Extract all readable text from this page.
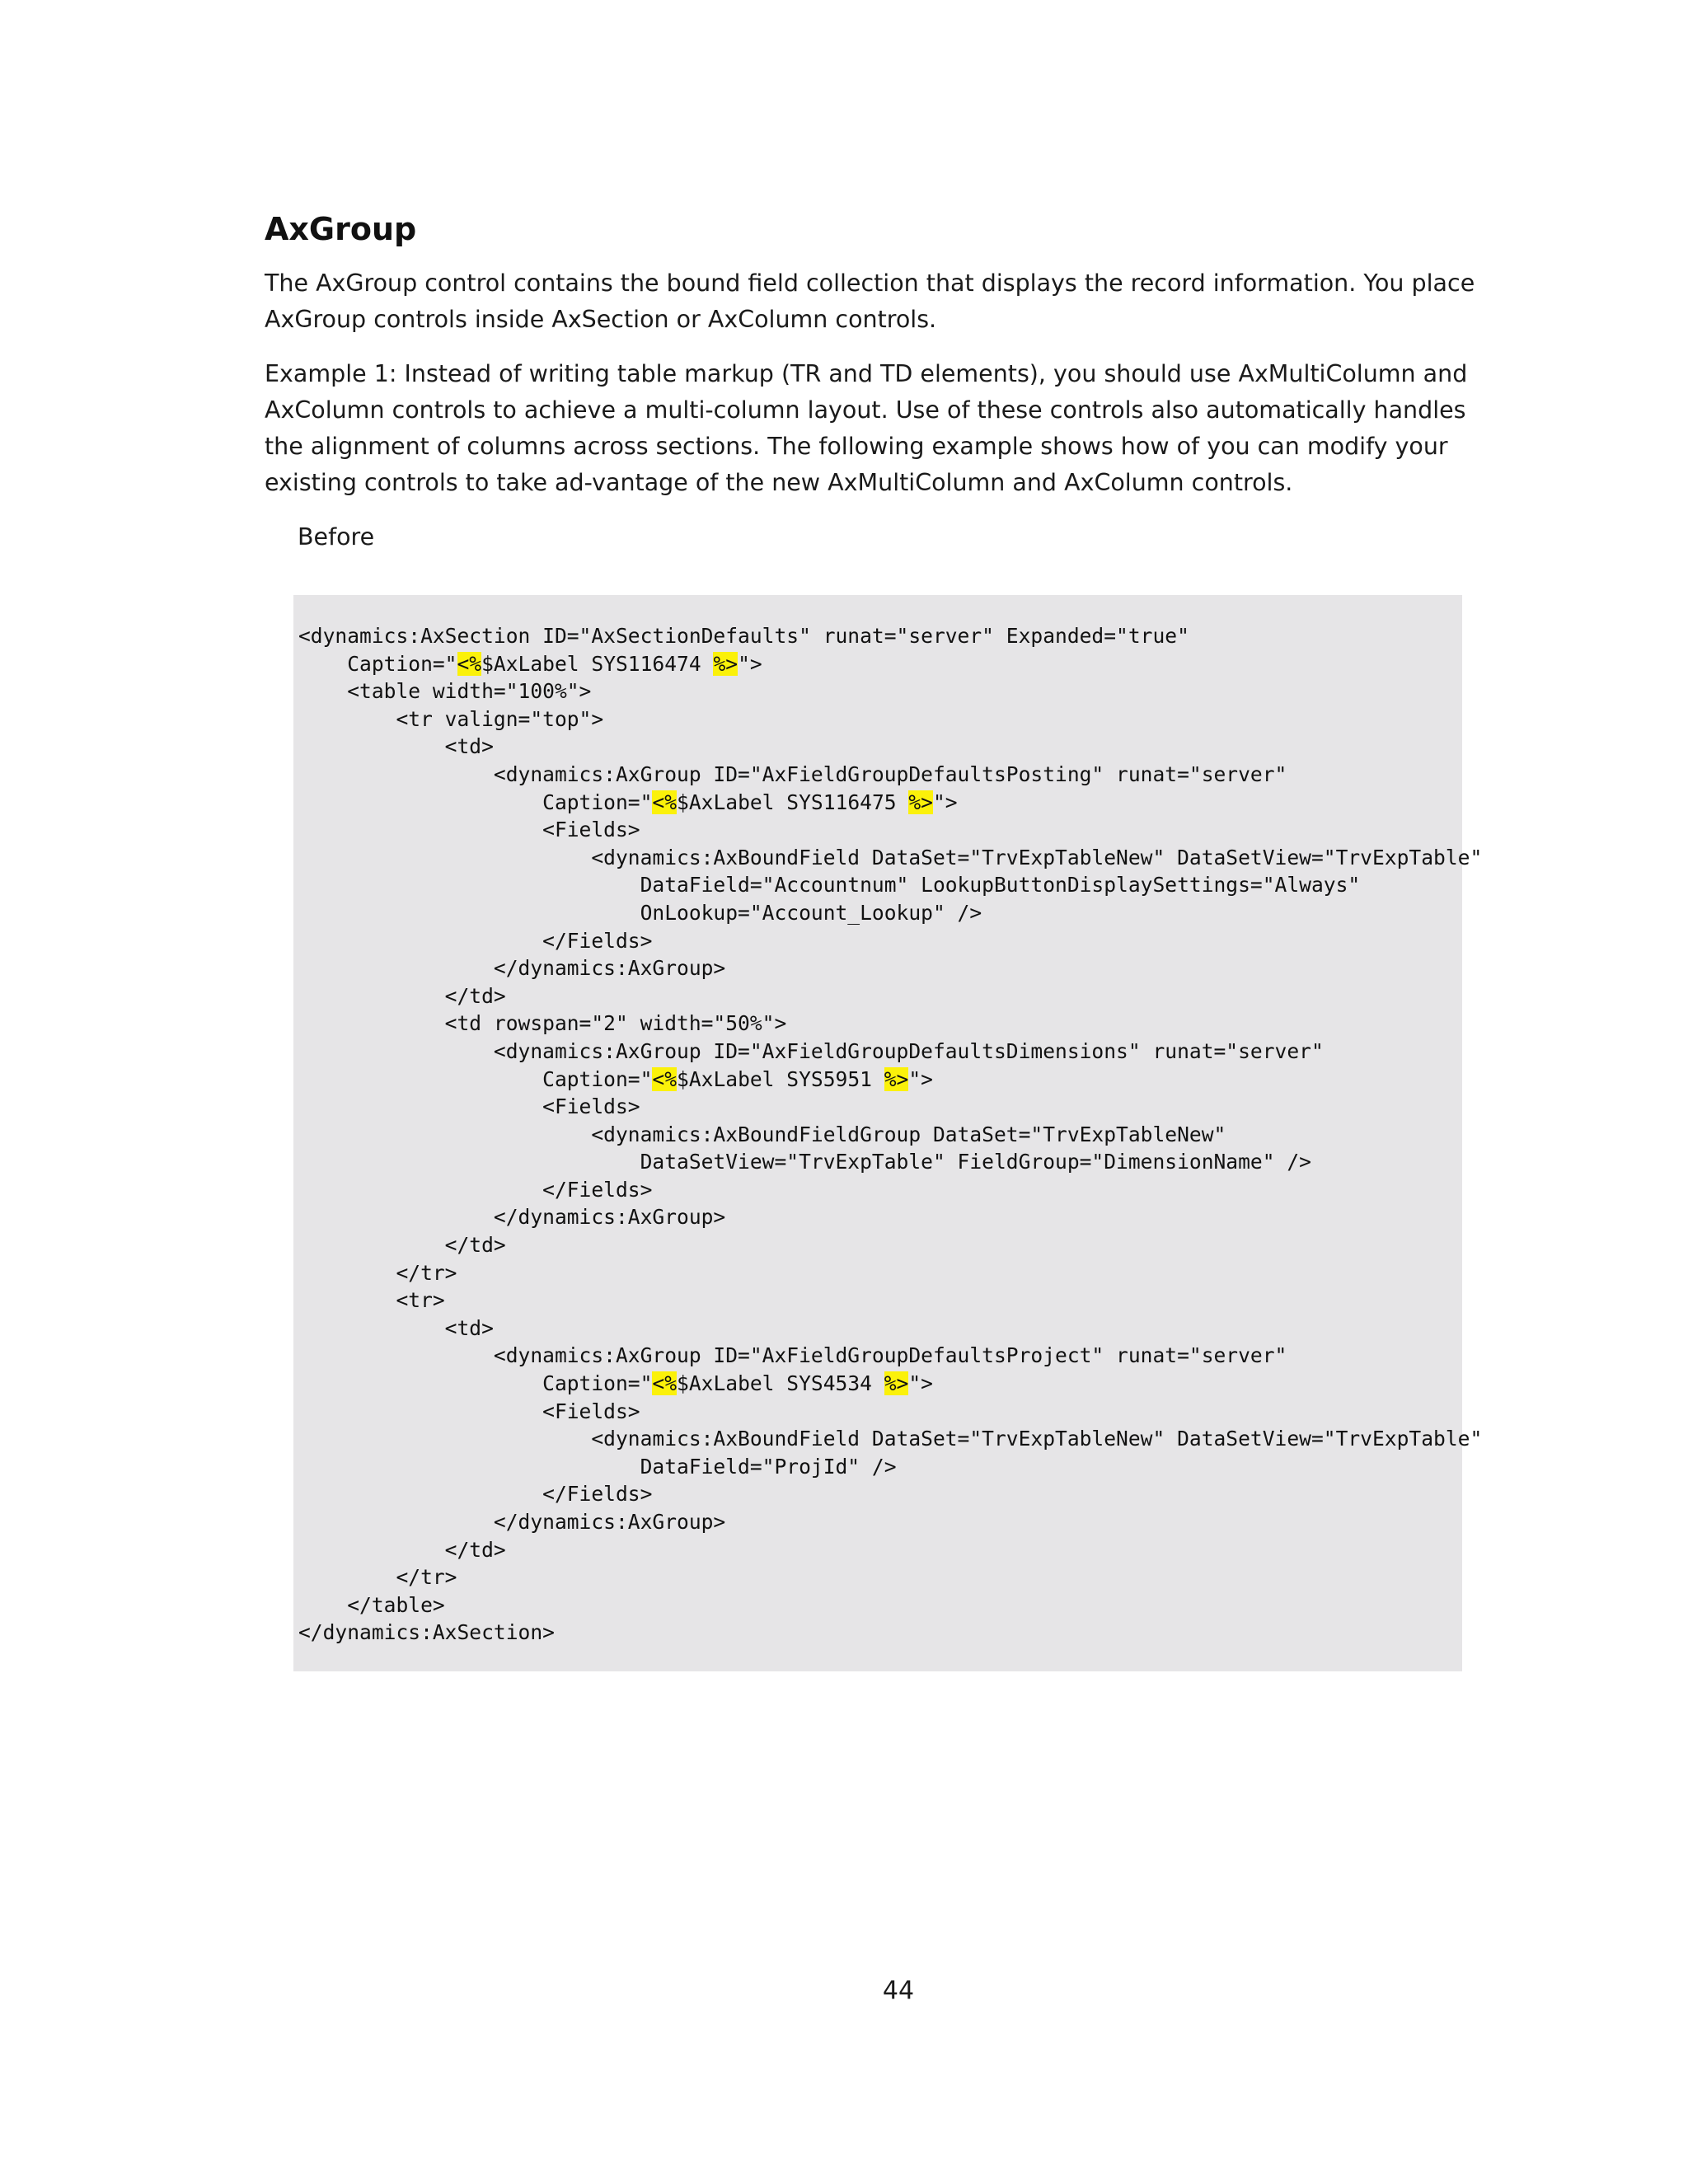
AxGroup

The AxGroup control contains the bound field collection that displays the record information. You place AxGroup controls inside AxSection or AxColumn controls.

Example 1: Instead of writing table markup (TR and TD elements), you should use AxMultiColumn and AxColumn controls to achieve a multi-column layout. Use of these controls also automatically handles the alignment of columns across sections. The following example shows how of you can modify your existing controls to take ad-vantage of the new AxMultiColumn and AxColumn controls.

Before

<dynamics:AxSection ID="AxSectionDefaults" runat="server" Expanded="true"
Caption="<%$AxLabel SYS116474 %>">
<table width="100%">
<tr valign="top">
<td>
<dynamics:AxGroup ID="AxFieldGroupDefaultsPosting" runat="server"
Caption="<%$AxLabel SYS116475 %>">
<Fields>
<dynamics:AxBoundField DataSet="TrvExpTableNew" DataSetView="TrvExpTable"
DataField="Accountnum" LookupButtonDisplaySettings="Always"
OnLookup="Account_Lookup" />
</Fields>
</dynamics:AxGroup>
</td>
<td rowspan="2" width="50%">
<dynamics:AxGroup ID="AxFieldGroupDefaultsDimensions" runat="server"
Caption="<%$AxLabel SYS5951 %>">
<Fields>
<dynamics:AxBoundFieldGroup DataSet="TrvExpTableNew"
DataSetView="TrvExpTable" FieldGroup="DimensionName" />
</Fields>
</dynamics:AxGroup>
</td>
</tr>
<tr>
<td>
<dynamics:AxGroup ID="AxFieldGroupDefaultsProject" runat="server"
Caption="<%$AxLabel SYS4534 %>">
<Fields>
<dynamics:AxBoundField DataSet="TrvExpTableNew" DataSetView="TrvExpTable"
DataField="ProjId" />
</Fields>
</dynamics:AxGroup>
</td>
</tr>
</table>
</dynamics:AxSection>

44
